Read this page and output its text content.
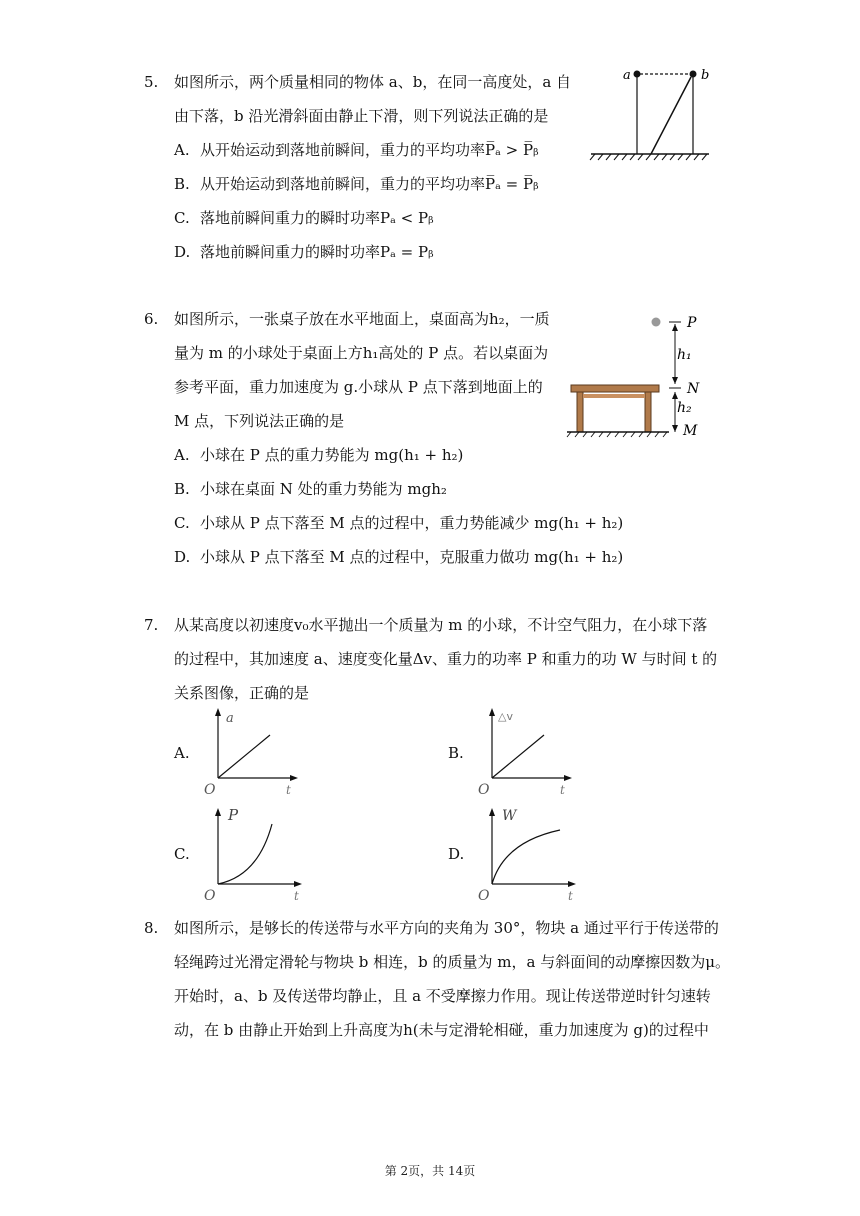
5.	如图所示，两个质量相同的物体 a、b，在同一高度处，a 自
由下落，b 沿光滑斜面由静止下滑，则下列说法正确的是
A. 从开始运动到落地前瞬间，重力的平均功率P̅ₐ > P̅ᵦ
B. 从开始运动到落地前瞬间，重力的平均功率P̅ₐ = P̅ᵦ
C. 落地前瞬间重力的瞬时功率Pₐ < Pᵦ
D. 落地前瞬间重力的瞬时功率Pₐ = Pᵦ
a	b
6.	如图所示，一张桌子放在水平地面上，桌面高为h₂，一质
量为 m 的小球处于桌面上方h₁高处的 P 点。若以桌面为
参考平面，重力加速度为 g.小球从 P 点下落到地面上的
M 点，下列说法正确的是
A. 小球在 P 点的重力势能为 mg(h₁ + h₂)
B. 小球在桌面 N 处的重力势能为 mgh₂
C. 小球从 P 点下落至 M 点的过程中，重力势能减少 mg(h₁ + h₂)
D. 小球从 P 点下落至 M 点的过程中，克服重力做功 mg(h₁ + h₂)
P
h₁
N
h₂
M
7.	从某高度以初速度v₀水平抛出一个质量为 m 的小球，不计空气阻力，在小球下落
的过程中，其加速度 a、速度变化量Δv、重力的功率 P 和重力的功 W 与时间 t 的
关系图像，正确的是
A.
a
t
O
B.
△v
t
O
C.
P
t
O
D.
W
t
O
8.	如图所示，是够长的传送带与水平方向的夹角为 30°，物块 a 通过平行于传送带的
轻绳跨过光滑定滑轮与物块 b 相连，b 的质量为 m，a 与斜面间的动摩擦因数为μ。
开始时，a、b 及传送带均静止，且 a 不受摩擦力作用。现让传送带逆时针匀速转
动，在 b 由静止开始到上升高度为h(未与定滑轮相碰，重力加速度为 g)的过程中
第 2页，共 14页
